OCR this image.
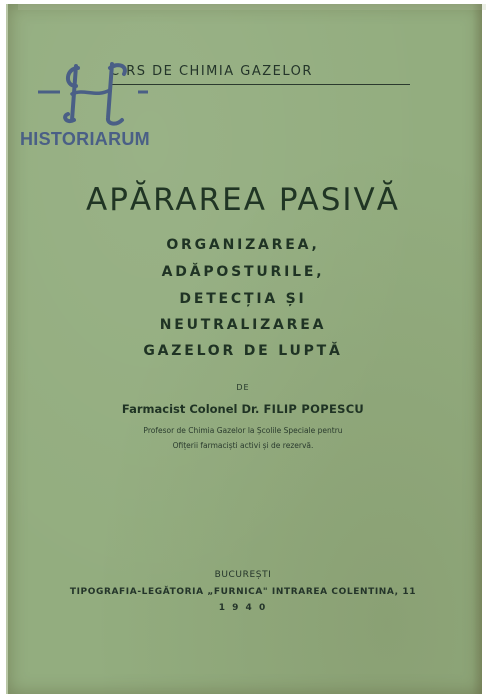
C RS DE CHIMIA GAZELOR
HISTORIARUM
APĂRAREA PASIVĂ
ORGANIZAREA,
ADĂPOSTURILE,
DETECȚIA ȘI
NEUTRALIZAREA
GAZELOR DE LUPTĂ
DE
Farmacist Colonel Dr. FILIP POPESCU
Profesor de Chimia Gazelor la Școlile Speciale pentru
Ofițerii farmaciști activi și de rezervă.
BUCUREȘTI
TIPOGRAFIA-LEGĂTORIA „FURNICA" INTRAREA COLENTINA, 11
1 9 4 0
